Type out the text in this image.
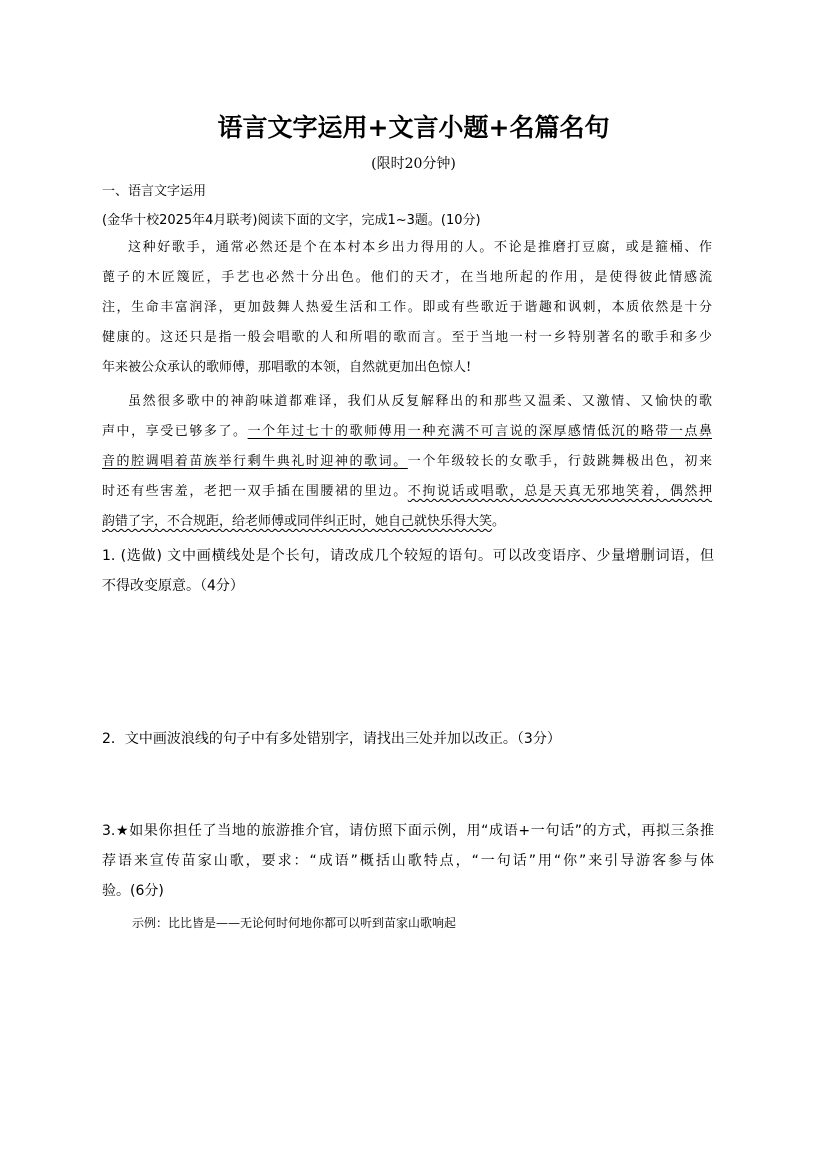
语言文字运用+文言小题+名篇名句
(限时20分钟)
一、语言文字运用
(金华十校2025年4月联考)阅读下面的文字，完成1~3题。(10分)
这种好歌手，通常必然还是个在本村本乡出力得用的人。不论是推磨打豆腐，或是箍桶、作
蓖子的木匠篾匠，手艺也必然十分出色。他们的天才，在当地所起的作用，是使得彼此情感流
注，生命丰富润泽，更加鼓舞人热爱生活和工作。即或有些歌近于谐趣和讽刺，本质依然是十分
健康的。这还只是指一般会唱歌的人和所唱的歌而言。至于当地一村一乡特别著名的歌手和多少
年来被公众承认的歌师傅，那唱歌的本领，自然就更加出色惊人!
虽然很多歌中的神韵味道都难译，我们从反复解释出的和那些又温柔、又激情、又愉快的歌
声中，享受已够多了。一个年过七十的歌师傅用一种充满不可言说的深厚感情低沉的略带一点鼻
音的腔调唱着苗族举行剩牛典礼时迎神的歌词。一个年级较长的女歌手，行鼓跳舞极出色，初来
时还有些害羞，老把一双手插在围腰裙的里边。不拘说话或唱歌，总是天真无邪地笑着，偶然押
韵错了字，不合规距，给老师傅或同伴纠正时，她自己就快乐得大笑。
1. (选做) 文中画横线处是个长句，请改成几个较短的语句。可以改变语序、少量增删词语，但
不得改变原意。（4分）
2．文中画波浪线的句子中有多处错别字，请找出三处并加以改正。（3分）
3.★如果你担任了当地的旅游推介官，请仿照下面示例，用“成语+一句话”的方式，再拟三条推
荐语来宣传苗家山歌，要求：“成语”概括山歌特点，“一句话”用“你”来引导游客参与体
验。(6分)
示例：比比皆是——无论何时何地你都可以听到苗家山歌响起
